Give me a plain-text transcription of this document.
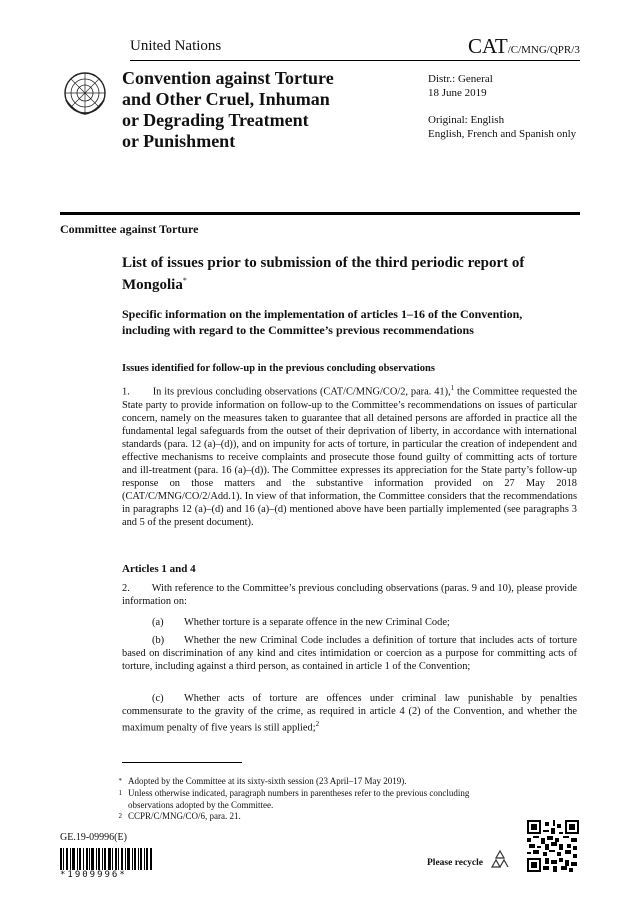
United Nations	CAT/C/MNG/QPR/3
Convention against Torture
and Other Cruel, Inhuman
or Degrading Treatment
or Punishment
Distr.: General
18 June 2019
Original: English
English, French and Spanish only
Committee against Torture
List of issues prior to submission of the third periodic report of Mongolia*
Specific information on the implementation of articles 1–16 of the Convention, including with regard to the Committee’s previous recommendations
Issues identified for follow-up in the previous concluding observations
1. In its previous concluding observations (CAT/C/MNG/CO/2, para. 41),$^1$ the Committee requested the State party to provide information on follow-up to the Committee’s recommendations on issues of particular concern, namely on the measures taken to guarantee that all detained persons are afforded in practice all the fundamental legal safeguards from the outset of their deprivation of liberty, in accordance with international standards (para. 12 (a)–(d)), and on impunity for acts of torture, in particular the creation of independent and effective mechanisms to receive complaints and prosecute those found guilty of committing acts of torture and ill-treatment (para. 16 (a)–(d)). The Committee expresses its appreciation for the State party’s follow-up response on those matters and the substantive information provided on 27 May 2018 (CAT/C/MNG/CO/2/Add.1). In view of that information, the Committee considers that the recommendations in paragraphs 12 (a)–(d) and 16 (a)–(d) mentioned above have been partially implemented (see paragraphs 3 and 5 of the present document).
Articles 1 and 4
2. With reference to the Committee’s previous concluding observations (paras. 9 and 10), please provide information on:
(a) Whether torture is a separate offence in the new Criminal Code;
(b) Whether the new Criminal Code includes a definition of torture that includes acts of torture based on discrimination of any kind and cites intimidation or coercion as a purpose for committing acts of torture, including against a third person, as contained in article 1 of the Convention;
(c) Whether acts of torture are offences under criminal law punishable by penalties commensurate to the gravity of the crime, as required in article 4 (2) of the Convention, and whether the maximum penalty of five years is still applied;$^2$
* Adopted by the Committee at its sixty-sixth session (23 April–17 May 2019).
1 Unless otherwise indicated, paragraph numbers in parentheses refer to the previous concluding observations adopted by the Committee.
2 CCPR/C/MNG/CO/6, para. 21.
GE.19-09996(E)
*1909996*
Please recycle
